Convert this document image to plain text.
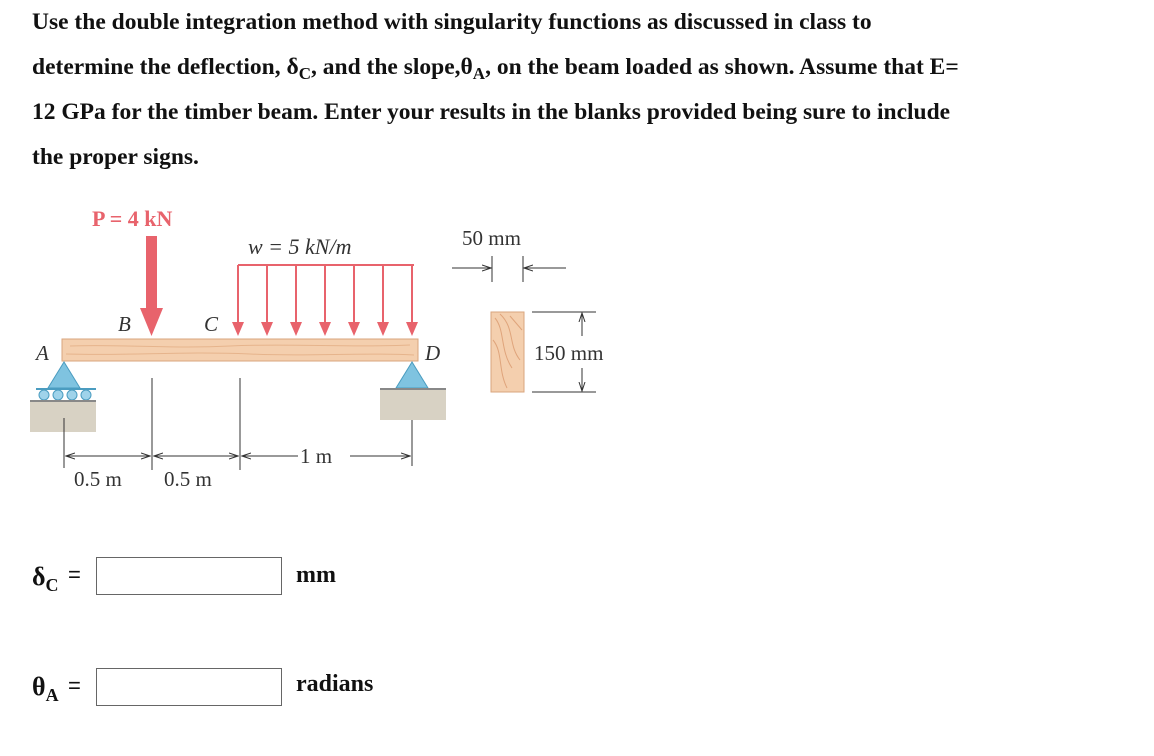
Use the double integration method with singularity functions as discussed in class to

determine the deflection, $\delta_C$, and the $slope,\theta_A$, on the beam loaded as shown. Assume that E=

12 GPa for the timber beam. Enter your results in the blanks provided being sure to include

the proper signs.

P = 4 kN
w = 5 kN/m
B	C
A	D
1 m
0.5 m 0.5 m
50 mm
150 mm
$\delta_C$ =	mm
$\theta_A$ =	radians
